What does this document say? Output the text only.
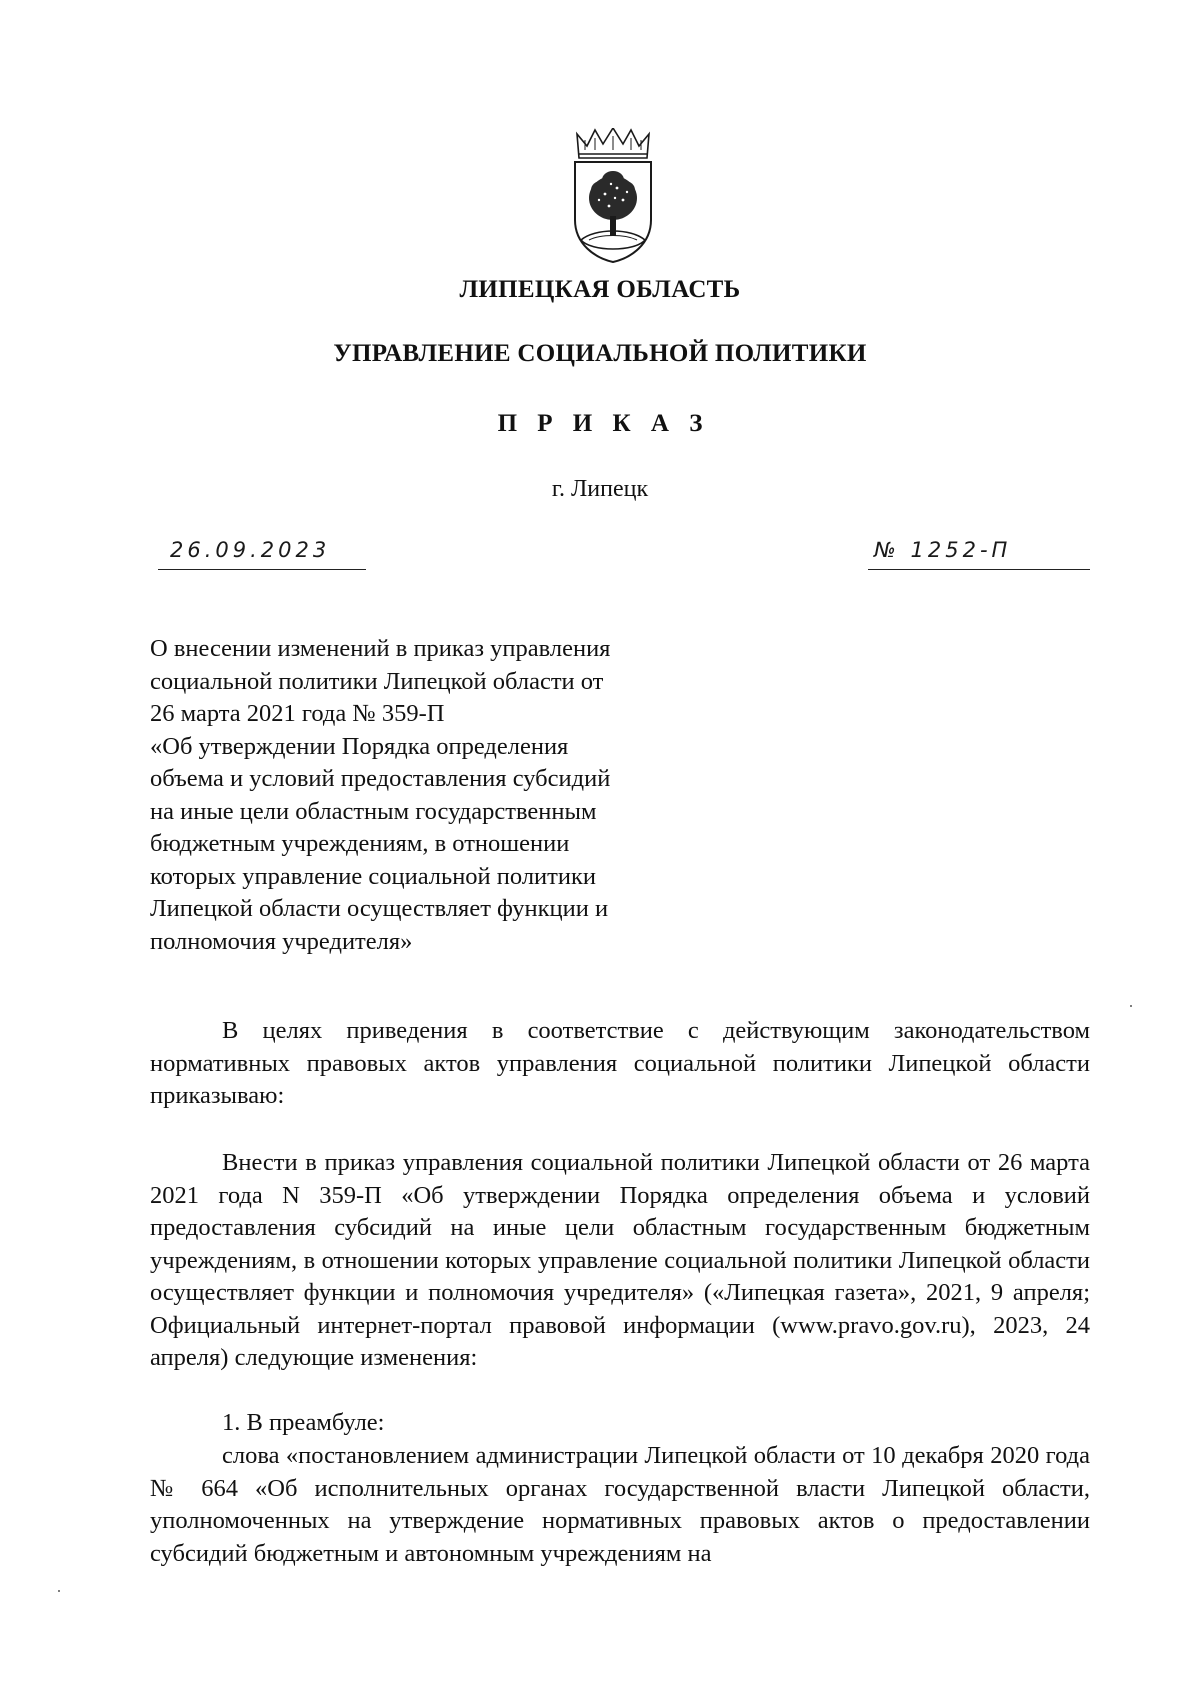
ЛИПЕЦКАЯ ОБЛАСТЬ
УПРАВЛЕНИЕ СОЦИАЛЬНОЙ ПОЛИТИКИ
П Р И К А З
г. Липецк
26.09.2023	№ 1252-П
О внесении изменений в приказ управления
социальной политики Липецкой области от
26 марта 2021 года № 359-П
«Об утверждении Порядка определения
объема и условий предоставления субсидий
на иные цели областным государственным
бюджетным учреждениям, в отношении
которых управление социальной политики
Липецкой области осуществляет функции и
полномочия учредителя»
В целях приведения в соответствие с действующим законодательством нормативных правовых актов управления социальной политики Липецкой области приказываю:
Внести в приказ управления социальной политики Липецкой области от 26 марта 2021 года N 359-П «Об утверждении Порядка определения объема и условий предоставления субсидий на иные цели областным государственным бюджетным учреждениям, в отношении которых управление социальной политики Липецкой области осуществляет функции и полномочия учредителя» («Липецкая газета», 2021, 9 апреля; Официальный интернет-портал правовой информации (www.pravo.gov.ru), 2023, 24 апреля) следующие изменения:
1. В преамбуле:
слова «постановлением администрации Липецкой области от 10 декабря 2020 года № 664 «Об исполнительных органах государственной власти Липецкой области, уполномоченных на утверждение нормативных правовых актов о предоставлении субсидий бюджетным и автономным учреждениям на
